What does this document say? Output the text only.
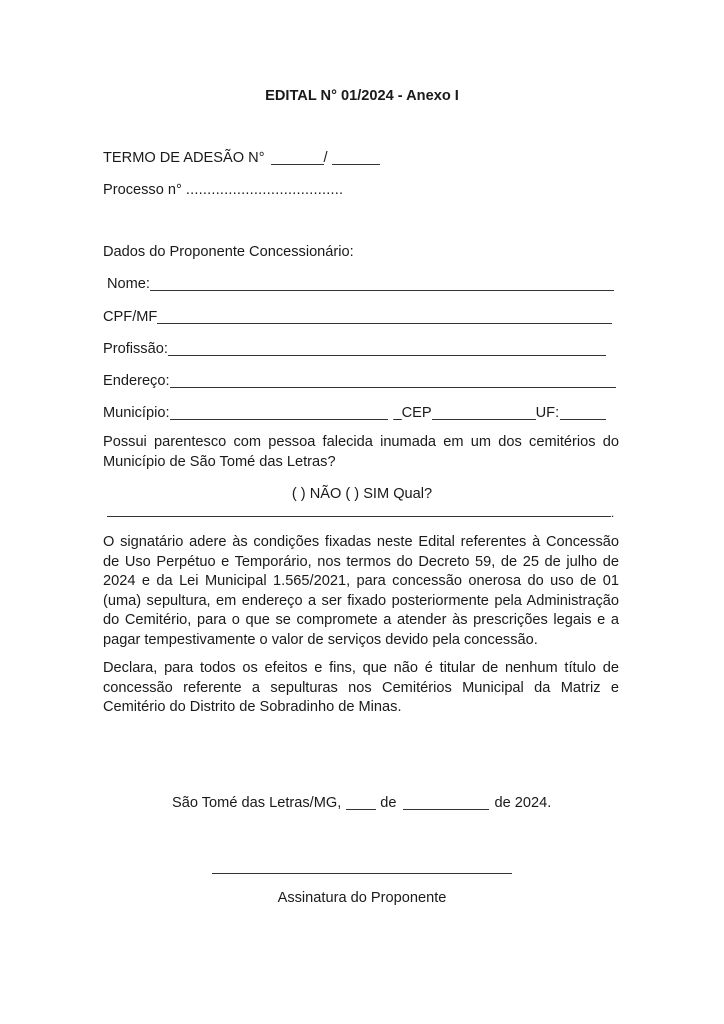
EDITAL N° 01/2024 - Anexo I
TERMO DE ADESÃO N°	/
Processo n° .....................................
Dados do Proponente Concessionário:
Nome:
CPF/MF
Profissão:
Endereço:
Município:	_CEP	UF:
Possui parentesco com pessoa falecida inumada em um dos cemitérios do Município de São Tomé das Letras?
( ) NÃO ( ) SIM Qual?
.
O signatário adere às condições fixadas neste Edital referentes à Concessão de Uso Perpétuo e Temporário, nos termos do Decreto 59, de 25 de julho de 2024 e da Lei Municipal 1.565/2021, para concessão onerosa do uso de 01 (uma) sepultura, em endereço a ser fixado posteriormente pela Administração do Cemitério, para o que se compromete a atender às prescrições legais e a pagar tempestivamente o valor de serviços devido pela concessão.
Declara, para todos os efeitos e fins, que não é titular de nenhum título de concessão referente a sepulturas nos Cemitérios Municipal da Matriz e Cemitério do Distrito de Sobradinho de Minas.
São Tomé das Letras/MG,	de	de 2024.
Assinatura do Proponente
